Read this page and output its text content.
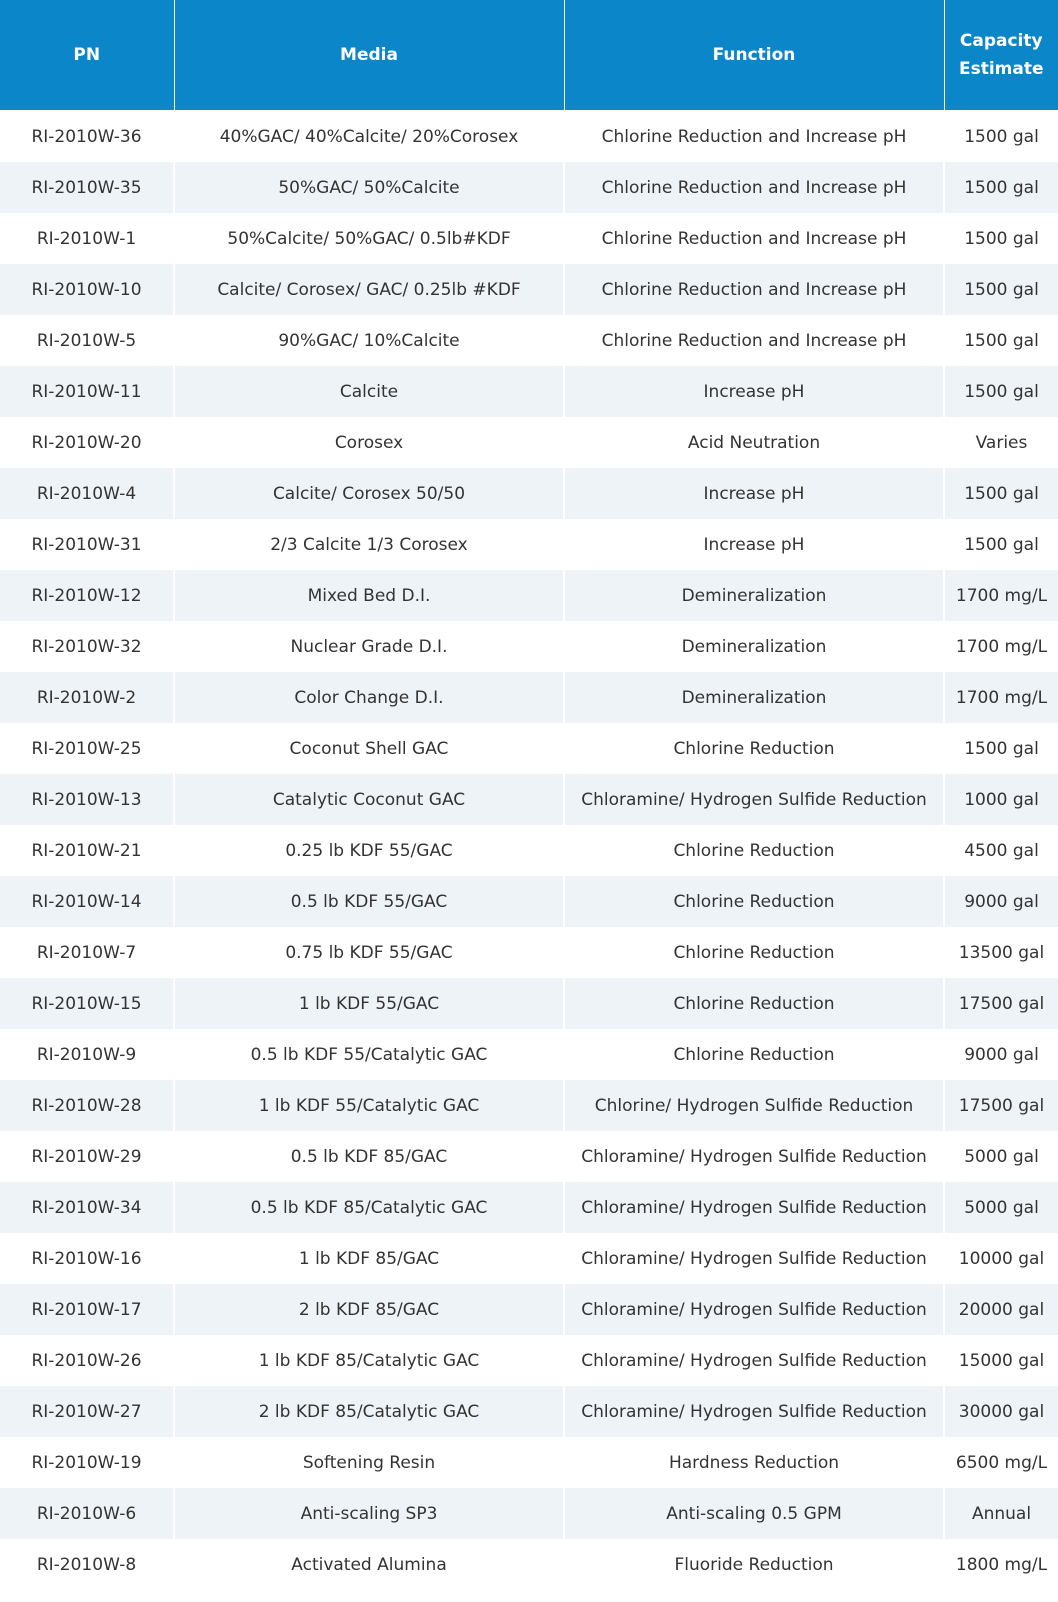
PN	Media	Function	Capacity
Estimate

RI-2010W-36	40%GAC/ 40%Calcite/ 20%Corosex	Chlorine Reduction and Increase pH	1500 gal
RI-2010W-35	50%GAC/ 50%Calcite	Chlorine Reduction and Increase pH	1500 gal
RI-2010W-1	50%Calcite/ 50%GAC/ 0.5lb#KDF	Chlorine Reduction and Increase pH	1500 gal
RI-2010W-10	Calcite/ Corosex/ GAC/ 0.25lb #KDF	Chlorine Reduction and Increase pH	1500 gal
RI-2010W-5	90%GAC/ 10%Calcite	Chlorine Reduction and Increase pH	1500 gal
RI-2010W-11	Calcite	Increase pH	1500 gal
RI-2010W-20	Corosex	Acid Neutration	Varies
RI-2010W-4	Calcite/ Corosex 50/50	Increase pH	1500 gal
RI-2010W-31	2/3 Calcite 1/3 Corosex	Increase pH	1500 gal
RI-2010W-12	Mixed Bed D.I.	Demineralization	1700 mg/L
RI-2010W-32	Nuclear Grade D.I.	Demineralization	1700 mg/L
RI-2010W-2	Color Change D.I.	Demineralization	1700 mg/L
RI-2010W-25	Coconut Shell GAC	Chlorine Reduction	1500 gal
RI-2010W-13	Catalytic Coconut GAC	Chloramine/ Hydrogen Sulfide Reduction	1000 gal
RI-2010W-21	0.25 lb KDF 55/GAC	Chlorine Reduction	4500 gal
RI-2010W-14	0.5 lb KDF 55/GAC	Chlorine Reduction	9000 gal
RI-2010W-7	0.75 lb KDF 55/GAC	Chlorine Reduction	13500 gal
RI-2010W-15	1 lb KDF 55/GAC	Chlorine Reduction	17500 gal
RI-2010W-9	0.5 lb KDF 55/Catalytic GAC	Chlorine Reduction	9000 gal
RI-2010W-28	1 lb KDF 55/Catalytic GAC	Chlorine/ Hydrogen Sulfide Reduction	17500 gal
RI-2010W-29	0.5 lb KDF 85/GAC	Chloramine/ Hydrogen Sulfide Reduction	5000 gal
RI-2010W-34	0.5 lb KDF 85/Catalytic GAC	Chloramine/ Hydrogen Sulfide Reduction	5000 gal
RI-2010W-16	1 lb KDF 85/GAC	Chloramine/ Hydrogen Sulfide Reduction	10000 gal
RI-2010W-17	2 lb KDF 85/GAC	Chloramine/ Hydrogen Sulfide Reduction	20000 gal
RI-2010W-26	1 lb KDF 85/Catalytic GAC	Chloramine/ Hydrogen Sulfide Reduction	15000 gal
RI-2010W-27	2 lb KDF 85/Catalytic GAC	Chloramine/ Hydrogen Sulfide Reduction	30000 gal
RI-2010W-19	Softening Resin	Hardness Reduction	6500 mg/L
RI-2010W-6	Anti-scaling SP3	Anti-scaling 0.5 GPM	Annual
RI-2010W-8	Activated Alumina	Fluoride Reduction	1800 mg/L
